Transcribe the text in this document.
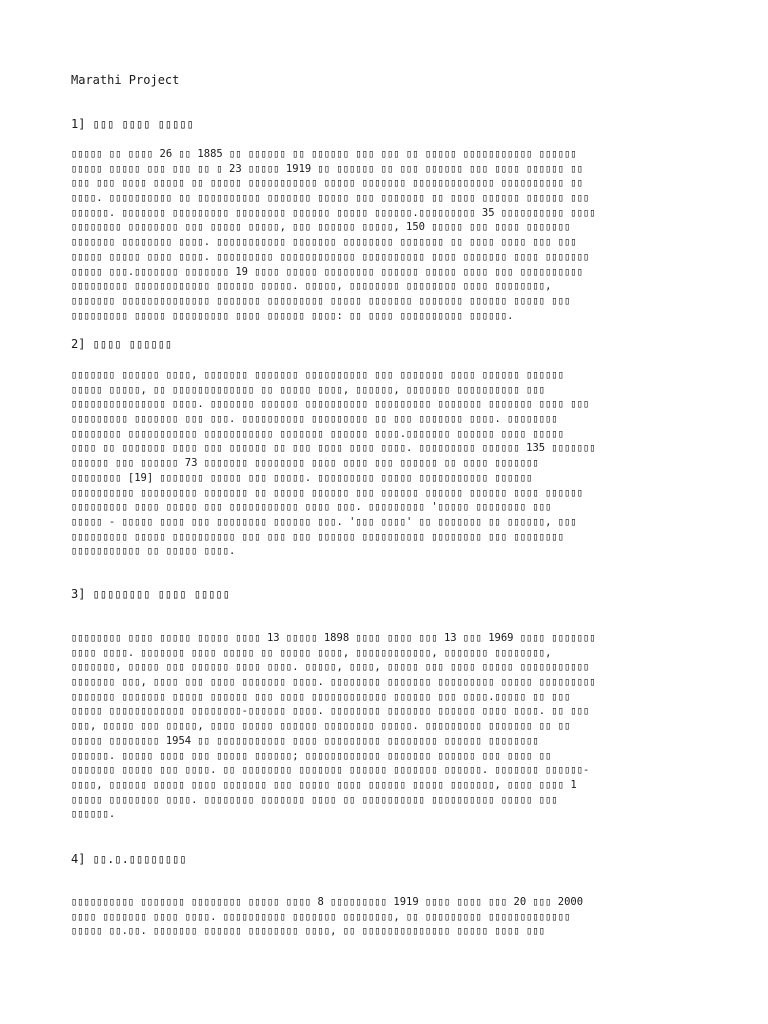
Marathi Project
1] ▯▯▯ ▯▯▯▯ ▯▯▯▯▯
▯▯▯▯▯ ▯▯ ▯▯▯▯ 26 ▯▯ 1885 ▯▯ ▯▯▯▯▯▯ ▯▯ ▯▯▯▯▯▯ ▯▯▯ ▯▯▯ ▯▯ ▯▯▯▯▯ ▯▯▯▯▯▯▯▯▯▯▯ ▯▯▯▯▯▯
▯▯▯▯▯ ▯▯▯▯▯ ▯▯▯ ▯▯▯ ▯▯ ▯ 23 ▯▯▯▯▯ 1919 ▯▯ ▯▯▯▯▯▯ ▯▯ ▯▯▯ ▯▯▯▯▯▯ ▯▯▯ ▯▯▯▯ ▯▯▯▯▯▯ ▯▯
▯▯▯ ▯▯▯ ▯▯▯▯ ▯▯▯▯▯ ▯▯ ▯▯▯▯▯ ▯▯▯▯▯▯▯▯▯▯▯ ▯▯▯▯▯ ▯▯▯▯▯▯▯ ▯▯▯▯▯▯▯▯▯▯▯▯▯ ▯▯▯▯▯▯▯▯▯▯ ▯▯
▯▯▯▯. ▯▯▯▯▯▯▯▯▯▯ ▯▯ ▯▯▯▯▯▯▯▯▯▯ ▯▯▯▯▯▯▯ ▯▯▯▯▯ ▯▯▯ ▯▯▯▯▯▯▯ ▯▯ ▯▯▯▯ ▯▯▯▯▯▯ ▯▯▯▯▯▯ ▯▯▯
▯▯▯▯▯▯. ▯▯▯▯▯▯▯ ▯▯▯▯▯▯▯▯▯ ▯▯▯▯▯▯▯▯ ▯▯▯▯▯▯ ▯▯▯▯▯ ▯▯▯▯▯▯.▯▯▯▯▯▯▯▯▯ 35 ▯▯▯▯▯▯▯▯▯▯ ▯▯▯▯
▯▯▯▯▯▯▯▯ ▯▯▯▯▯▯▯▯ ▯▯▯ ▯▯▯▯▯ ▯▯▯▯▯, ▯▯▯ ▯▯▯▯▯▯ ▯▯▯▯▯, 150 ▯▯▯▯▯ ▯▯▯ ▯▯▯▯ ▯▯▯▯▯▯▯
▯▯▯▯▯▯▯ ▯▯▯▯▯▯▯▯ ▯▯▯▯. ▯▯▯▯▯▯▯▯▯▯▯ ▯▯▯▯▯▯▯ ▯▯▯▯▯▯▯▯ ▯▯▯▯▯▯▯ ▯▯ ▯▯▯▯ ▯▯▯▯ ▯▯▯ ▯▯▯
▯▯▯▯▯ ▯▯▯▯▯ ▯▯▯▯ ▯▯▯▯. ▯▯▯▯▯▯▯▯▯ ▯▯▯▯▯▯▯▯▯▯▯▯ ▯▯▯▯▯▯▯▯▯▯ ▯▯▯▯ ▯▯▯▯▯▯▯ ▯▯▯▯ ▯▯▯▯▯▯▯
▯▯▯▯▯ ▯▯▯.▯▯▯▯▯▯▯ ▯▯▯▯▯▯▯ 19 ▯▯▯▯ ▯▯▯▯▯ ▯▯▯▯▯▯▯▯ ▯▯▯▯▯▯ ▯▯▯▯▯ ▯▯▯▯ ▯▯▯ ▯▯▯▯▯▯▯▯▯▯
▯▯▯▯▯▯▯▯▯ ▯▯▯▯▯▯▯▯▯▯▯▯ ▯▯▯▯▯▯ ▯▯▯▯▯. ▯▯▯▯▯, ▯▯▯▯▯▯▯▯ ▯▯▯▯▯▯▯▯ ▯▯▯▯ ▯▯▯▯▯▯▯▯,
▯▯▯▯▯▯▯ ▯▯▯▯▯▯▯▯▯▯▯▯▯▯ ▯▯▯▯▯▯▯ ▯▯▯▯▯▯▯▯▯ ▯▯▯▯▯ ▯▯▯▯▯▯▯ ▯▯▯▯▯▯▯ ▯▯▯▯▯▯ ▯▯▯▯▯ ▯▯▯
▯▯▯▯▯▯▯▯▯ ▯▯▯▯▯ ▯▯▯▯▯▯▯▯▯ ▯▯▯▯ ▯▯▯▯▯▯ ▯▯▯▯: ▯▯ ▯▯▯▯ ▯▯▯▯▯▯▯▯▯▯ ▯▯▯▯▯▯.
2] ▯▯▯▯ ▯▯▯▯▯▯
▯▯▯▯▯▯▯ ▯▯▯▯▯▯ ▯▯▯▯, ▯▯▯▯▯▯▯ ▯▯▯▯▯▯▯ ▯▯▯▯▯▯▯▯▯▯ ▯▯▯ ▯▯▯▯▯▯▯ ▯▯▯▯ ▯▯▯▯▯▯ ▯▯▯▯▯▯
▯▯▯▯▯ ▯▯▯▯▯, ▯▯ ▯▯▯▯▯▯▯▯▯▯▯▯▯ ▯▯ ▯▯▯▯▯ ▯▯▯▯, ▯▯▯▯▯▯, ▯▯▯▯▯▯▯ ▯▯▯▯▯▯▯▯▯▯ ▯▯▯
▯▯▯▯▯▯▯▯▯▯▯▯▯▯▯ ▯▯▯▯. ▯▯▯▯▯▯▯ ▯▯▯▯▯▯ ▯▯▯▯▯▯▯▯▯▯ ▯▯▯▯▯▯▯▯▯ ▯▯▯▯▯▯▯ ▯▯▯▯▯▯▯ ▯▯▯▯ ▯▯▯
▯▯▯▯▯▯▯▯▯ ▯▯▯▯▯▯▯ ▯▯▯ ▯▯▯. ▯▯▯▯▯▯▯▯▯▯ ▯▯▯▯▯▯▯▯▯ ▯▯ ▯▯▯ ▯▯▯▯▯▯▯ ▯▯▯▯. ▯▯▯▯▯▯▯▯
▯▯▯▯▯▯▯▯ ▯▯▯▯▯▯▯▯▯▯▯ ▯▯▯▯▯▯▯▯▯▯▯ ▯▯▯▯▯▯▯ ▯▯▯▯▯▯ ▯▯▯▯.▯▯▯▯▯▯▯ ▯▯▯▯▯▯ ▯▯▯▯ ▯▯▯▯▯
▯▯▯▯ ▯▯ ▯▯▯▯▯▯▯ ▯▯▯▯ ▯▯▯ ▯▯▯▯▯▯ ▯▯ ▯▯▯ ▯▯▯▯ ▯▯▯▯ ▯▯▯▯. ▯▯▯▯▯▯▯▯▯ ▯▯▯▯▯▯ 135 ▯▯▯▯▯▯▯
▯▯▯▯▯▯ ▯▯▯ ▯▯▯▯▯▯ 73 ▯▯▯▯▯▯▯ ▯▯▯▯▯▯▯▯ ▯▯▯▯ ▯▯▯▯ ▯▯▯ ▯▯▯▯▯▯ ▯▯ ▯▯▯▯ ▯▯▯▯▯▯▯
▯▯▯▯▯▯▯▯ [19] ▯▯▯▯▯▯▯ ▯▯▯▯▯ ▯▯▯ ▯▯▯▯▯. ▯▯▯▯▯▯▯▯▯ ▯▯▯▯▯ ▯▯▯▯▯▯▯▯▯▯▯ ▯▯▯▯▯▯
▯▯▯▯▯▯▯▯▯▯ ▯▯▯▯▯▯▯▯▯ ▯▯▯▯▯▯▯ ▯▯ ▯▯▯▯▯ ▯▯▯▯▯▯ ▯▯▯ ▯▯▯▯▯▯ ▯▯▯▯▯▯ ▯▯▯▯▯▯ ▯▯▯▯ ▯▯▯▯▯▯
▯▯▯▯▯▯▯▯▯ ▯▯▯▯ ▯▯▯▯▯ ▯▯▯ ▯▯▯▯▯▯▯▯▯▯▯ ▯▯▯▯ ▯▯▯. ▯▯▯▯▯▯▯▯▯ '▯▯▯▯▯ ▯▯▯▯▯▯▯▯ ▯▯▯
▯▯▯▯▯ - ▯▯▯▯▯ ▯▯▯▯ ▯▯▯ ▯▯▯▯▯▯▯▯ ▯▯▯▯▯▯ ▯▯▯. '▯▯▯ ▯▯▯▯' ▯▯ ▯▯▯▯▯▯▯ ▯▯ ▯▯▯▯▯▯, ▯▯▯
▯▯▯▯▯▯▯▯▯ ▯▯▯▯▯ ▯▯▯▯▯▯▯▯▯▯ ▯▯▯ ▯▯▯ ▯▯▯ ▯▯▯▯▯▯ ▯▯▯▯▯▯▯▯▯▯ ▯▯▯▯▯▯▯▯ ▯▯▯ ▯▯▯▯▯▯▯▯
▯▯▯▯▯▯▯▯▯▯▯ ▯▯ ▯▯▯▯▯ ▯▯▯▯.
3] ▯▯▯▯▯▯▯▯ ▯▯▯▯ ▯▯▯▯▯
▯▯▯▯▯▯▯▯ ▯▯▯▯ ▯▯▯▯▯ ▯▯▯▯▯ ▯▯▯▯ 13 ▯▯▯▯▯ 1898 ▯▯▯▯ ▯▯▯▯ ▯▯▯ 13 ▯▯▯ 1969 ▯▯▯▯ ▯▯▯▯▯▯▯
▯▯▯▯ ▯▯▯▯. ▯▯▯▯▯▯▯ ▯▯▯▯ ▯▯▯▯▯ ▯▯ ▯▯▯▯▯ ▯▯▯▯, ▯▯▯▯▯▯▯▯▯▯▯▯, ▯▯▯▯▯▯▯ ▯▯▯▯▯▯▯▯,
▯▯▯▯▯▯▯, ▯▯▯▯▯ ▯▯▯ ▯▯▯▯▯▯ ▯▯▯▯ ▯▯▯▯. ▯▯▯▯▯, ▯▯▯▯, ▯▯▯▯▯ ▯▯▯ ▯▯▯▯ ▯▯▯▯▯ ▯▯▯▯▯▯▯▯▯▯▯
▯▯▯▯▯▯▯ ▯▯▯, ▯▯▯▯ ▯▯▯ ▯▯▯▯ ▯▯▯▯▯▯▯ ▯▯▯▯. ▯▯▯▯▯▯▯▯ ▯▯▯▯▯▯▯ ▯▯▯▯▯▯▯▯▯ ▯▯▯▯▯ ▯▯▯▯▯▯▯▯▯
▯▯▯▯▯▯▯ ▯▯▯▯▯▯▯ ▯▯▯▯▯ ▯▯▯▯▯▯ ▯▯▯ ▯▯▯▯ ▯▯▯▯▯▯▯▯▯▯▯▯ ▯▯▯▯▯▯ ▯▯▯ ▯▯▯▯.▯▯▯▯▯ ▯▯ ▯▯▯
▯▯▯▯▯ ▯▯▯▯▯▯▯▯▯▯▯▯ ▯▯▯▯▯▯▯▯-▯▯▯▯▯▯ ▯▯▯▯. ▯▯▯▯▯▯▯▯ ▯▯▯▯▯▯▯ ▯▯▯▯▯▯ ▯▯▯▯ ▯▯▯▯. ▯▯ ▯▯▯
▯▯▯, ▯▯▯▯▯ ▯▯▯ ▯▯▯▯▯, ▯▯▯▯ ▯▯▯▯▯ ▯▯▯▯▯▯ ▯▯▯▯▯▯▯▯ ▯▯▯▯▯. ▯▯▯▯▯▯▯▯▯ ▯▯▯▯▯▯▯ ▯▯ ▯▯
▯▯▯▯▯ ▯▯▯▯▯▯▯▯ 1954 ▯▯ ▯▯▯▯▯▯▯▯▯▯▯ ▯▯▯▯ ▯▯▯▯▯▯▯▯▯ ▯▯▯▯▯▯▯▯ ▯▯▯▯▯▯ ▯▯▯▯▯▯▯▯
▯▯▯▯▯▯. ▯▯▯▯▯ ▯▯▯▯ ▯▯▯ ▯▯▯▯▯ ▯▯▯▯▯▯; ▯▯▯▯▯▯▯▯▯▯▯▯ ▯▯▯▯▯▯▯ ▯▯▯▯▯▯ ▯▯▯ ▯▯▯▯ ▯▯
▯▯▯▯▯▯▯ ▯▯▯▯▯ ▯▯▯ ▯▯▯▯. ▯▯ ▯▯▯▯▯▯▯▯ ▯▯▯▯▯▯▯ ▯▯▯▯▯▯ ▯▯▯▯▯▯▯ ▯▯▯▯▯▯. ▯▯▯▯▯▯▯ ▯▯▯▯▯▯-
▯▯▯▯, ▯▯▯▯▯▯ ▯▯▯▯▯ ▯▯▯▯ ▯▯▯▯▯▯▯ ▯▯▯ ▯▯▯▯▯ ▯▯▯▯ ▯▯▯▯▯▯ ▯▯▯▯▯ ▯▯▯▯▯▯▯, ▯▯▯▯ ▯▯▯▯ 1
▯▯▯▯▯ ▯▯▯▯▯▯▯▯ ▯▯▯▯. ▯▯▯▯▯▯▯▯ ▯▯▯▯▯▯▯ ▯▯▯▯ ▯▯ ▯▯▯▯▯▯▯▯▯▯ ▯▯▯▯▯▯▯▯▯▯ ▯▯▯▯▯ ▯▯▯
▯▯▯▯▯▯.
4] ▯▯.▯.▯▯▯▯▯▯▯▯
▯▯▯▯▯▯▯▯▯▯ ▯▯▯▯▯▯▯ ▯▯▯▯▯▯▯▯ ▯▯▯▯▯ ▯▯▯▯ 8 ▯▯▯▯▯▯▯▯▯ 1919 ▯▯▯▯ ▯▯▯▯ ▯▯▯ 20 ▯▯▯ 2000
▯▯▯▯ ▯▯▯▯▯▯▯ ▯▯▯▯ ▯▯▯▯. ▯▯▯▯▯▯▯▯▯▯ ▯▯▯▯▯▯▯ ▯▯▯▯▯▯▯▯, ▯▯ ▯▯▯▯▯▯▯▯▯ ▯▯▯▯▯▯▯▯▯▯▯▯▯
▯▯▯▯▯ ▯▯.▯▯. ▯▯▯▯▯▯▯ ▯▯▯▯▯▯ ▯▯▯▯▯▯▯▯ ▯▯▯▯, ▯▯ ▯▯▯▯▯▯▯▯▯▯▯▯▯▯ ▯▯▯▯▯ ▯▯▯▯ ▯▯▯
